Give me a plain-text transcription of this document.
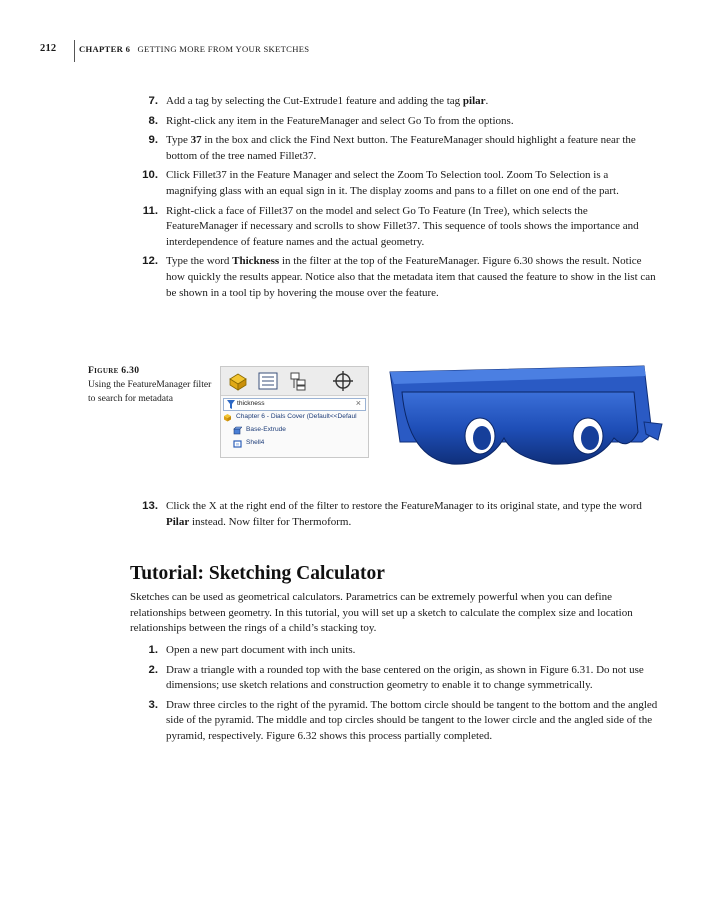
212	CHAPTER 6 GETTING MORE FROM YOUR SKETCHES
7. Add a tag by selecting the Cut-Extrude1 feature and adding the tag pilar.
8. Right-click any item in the FeatureManager and select Go To from the options.
9. Type 37 in the box and click the Find Next button. The FeatureManager should highlight a feature near the bottom of the tree named Fillet37.
10. Click Fillet37 in the Feature Manager and select the Zoom To Selection tool. Zoom To Selection is a magnifying glass with an equal sign in it. The display zooms and pans to a fillet on one end of the part.
11. Right-click a face of Fillet37 on the model and select Go To Feature (In Tree), which selects the FeatureManager if necessary and scrolls to show Fillet37. This sequence of tools shows the importance and interdependence of feature names and the actual geometry.
12. Type the word Thickness in the filter at the top of the FeatureManager. Figure 6.30 shows the result. Notice how quickly the results appear. Notice also that the metadata item that caused the feature to show in the list can be shown in a tool tip by hovering the mouse over the feature.
Figure 6.30
Using the FeatureManager filter to search for metadata	thickness	×
Chapter 6 - Dials Cover (Default<<Defaul
Base-Extrude
Shell4
13. Click the X at the right end of the filter to restore the FeatureManager to its original state, and type the word Pilar instead. Now filter for Thermoform.
Tutorial: Sketching Calculator
Sketches can be used as geometrical calculators. Parametrics can be extremely powerful when you can define relationships between geometry. In this tutorial, you will set up a sketch to calculate the complex size and location relationships between the rings of a child’s stacking toy.
1. Open a new part document with inch units.
2. Draw a triangle with a rounded top with the base centered on the origin, as shown in Figure 6.31. Do not use dimensions; use sketch relations and construction geometry to enable it to change symmetrically.
3. Draw three circles to the right of the pyramid. The bottom circle should be tangent to the bottom and the angled side of the pyramid. The middle and top circles should be tangent to the lower circle and the angled side of the pyramid, respectively. Figure 6.32 shows this process partially completed.
